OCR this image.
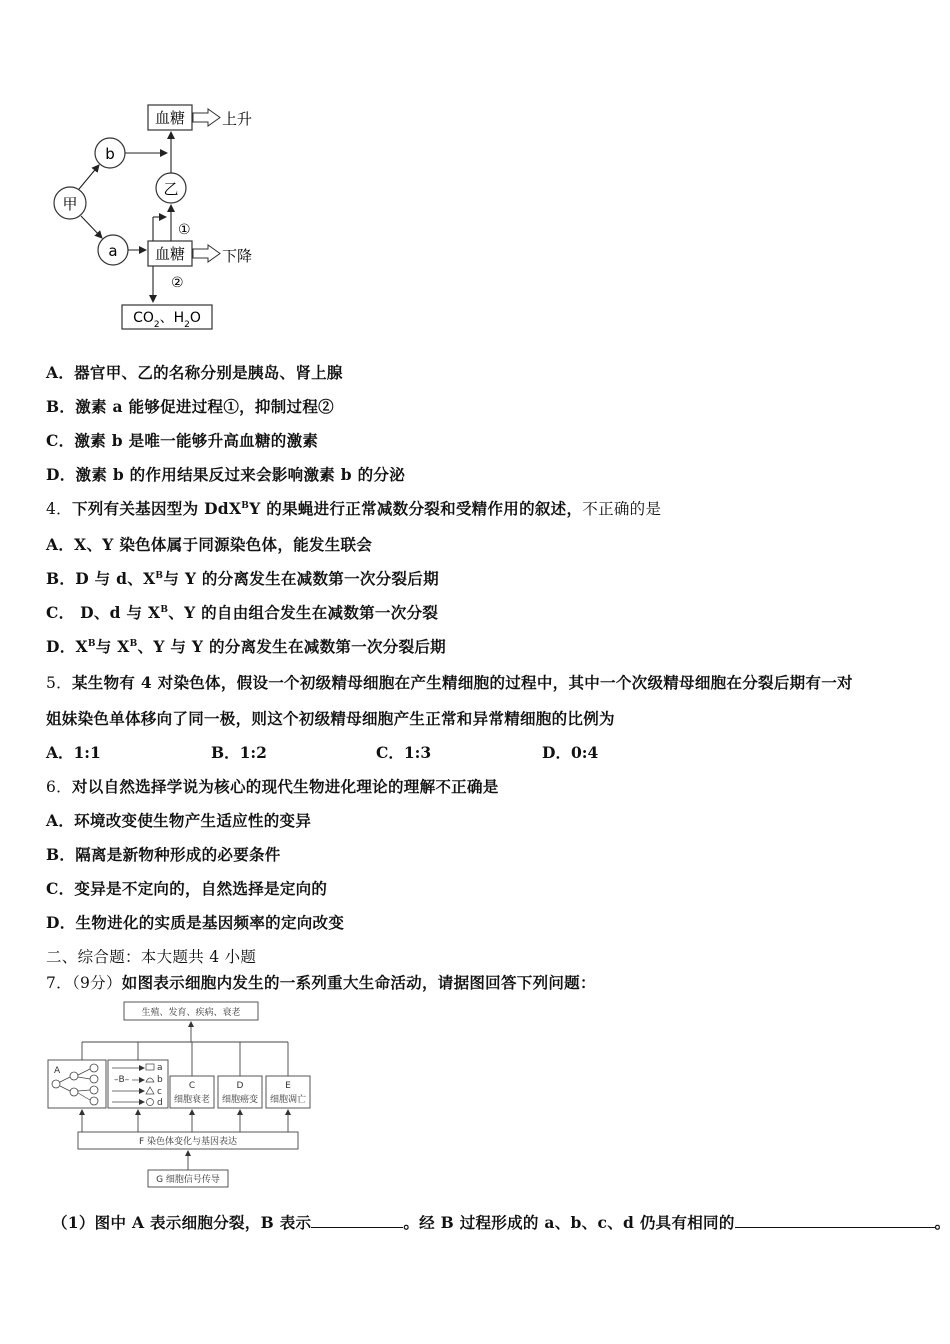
甲
b
a
乙
血糖 上升
血糖 下降
①
②
$CO_2$、$H_2O$
A．器官甲、乙的名称分别是胰岛、肾上腺
B．激素 a 能够促进过程①，抑制过程②
C．激素 b 是唯一能够升高血糖的激素
D．激素 b 的作用结果反过来会影响激素 b 的分泌
4．下列有关基因型为 DdX$^B$Y 的果蝇进行正常减数分裂和受精作用的叙述，不正确的是
A．X、Y 染色体属于同源染色体，能发生联会
B．D 与 d、$X^B$与 Y 的分离发生在减数第一次分裂后期
C． D、d 与 $X^B$、Y 的自由组合发生在减数第一次分裂
D．$X^B$与 $X^B$、Y 与 Y 的分离发生在减数第一次分裂后期
5．某生物有 4 对染色体，假设一个初级精母细胞在产生精细胞的过程中，其中一个次级精母细胞在分裂后期有一对
姐妹染色单体移向了同一极，则这个初级精母细胞产生正常和异常精细胞的比例为
A．1:1	B．1:2	C．1:3	D．0:4
6．对以自然选择学说为核心的现代生物进化理论的理解不正确是
A．环境改变使生物产生适应性的变异
B．隔离是新物种形成的必要条件
C．变异是不定向的，自然选择是定向的
D．生物进化的实质是基因频率的定向改变
二、综合题：本大题共 4 小题
7．（9分）如图表示细胞内发生的一系列重大生命活动，请据图回答下列问题：
生殖、发育、疾病、衰老
A
–B–
a
b
c
d
C
细胞衰老
D
细胞癌变
E
细胞凋亡
F 染色体变化与基因表达
G 细胞信号传导
（1）图中 A 表示细胞分裂，B 表示	。经 B 过程形成的 a、b、c、d 仍具有相同的	。
